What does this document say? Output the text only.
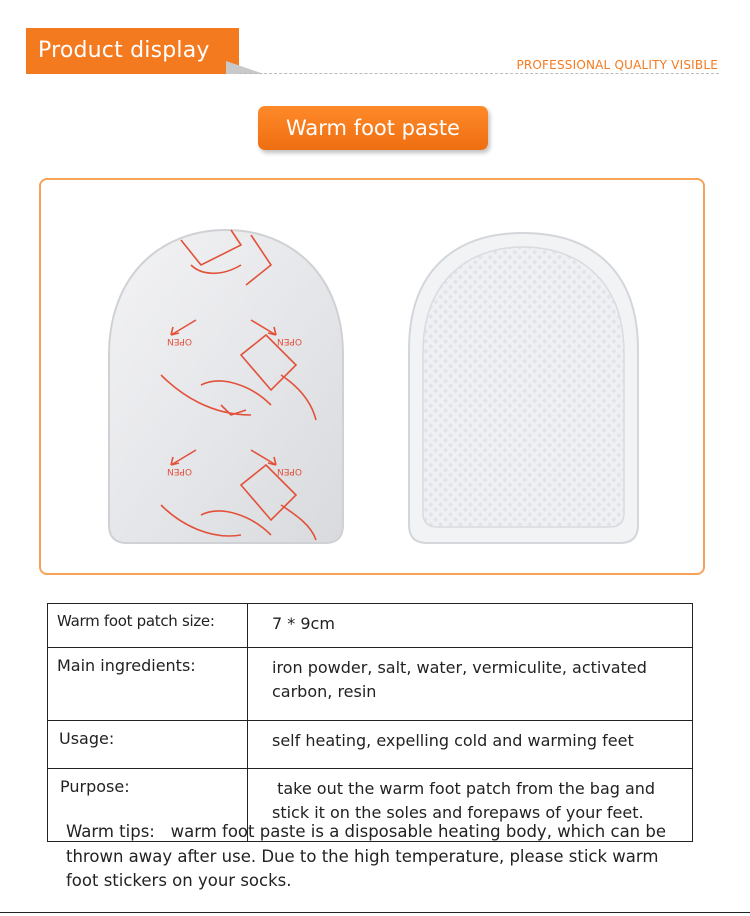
Product display
PROFESSIONAL QUALITY VISIBLE
Warm foot paste
OPEN	OPEN
OPEN	OPEN
Warm foot patch size:	7 * 9cm
Main ingredients:	iron powder, salt, water, vermiculite, activated carbon, resin
Usage:	self heating, expelling cold and warming feet
Purpose:	take out the warm foot patch from the bag and stick it on the soles and forepaws of your feet.
Warm tips:   warm foot paste is a disposable heating body, which can be thrown away after use. Due to the high temperature, please stick warm foot stickers on your socks.
